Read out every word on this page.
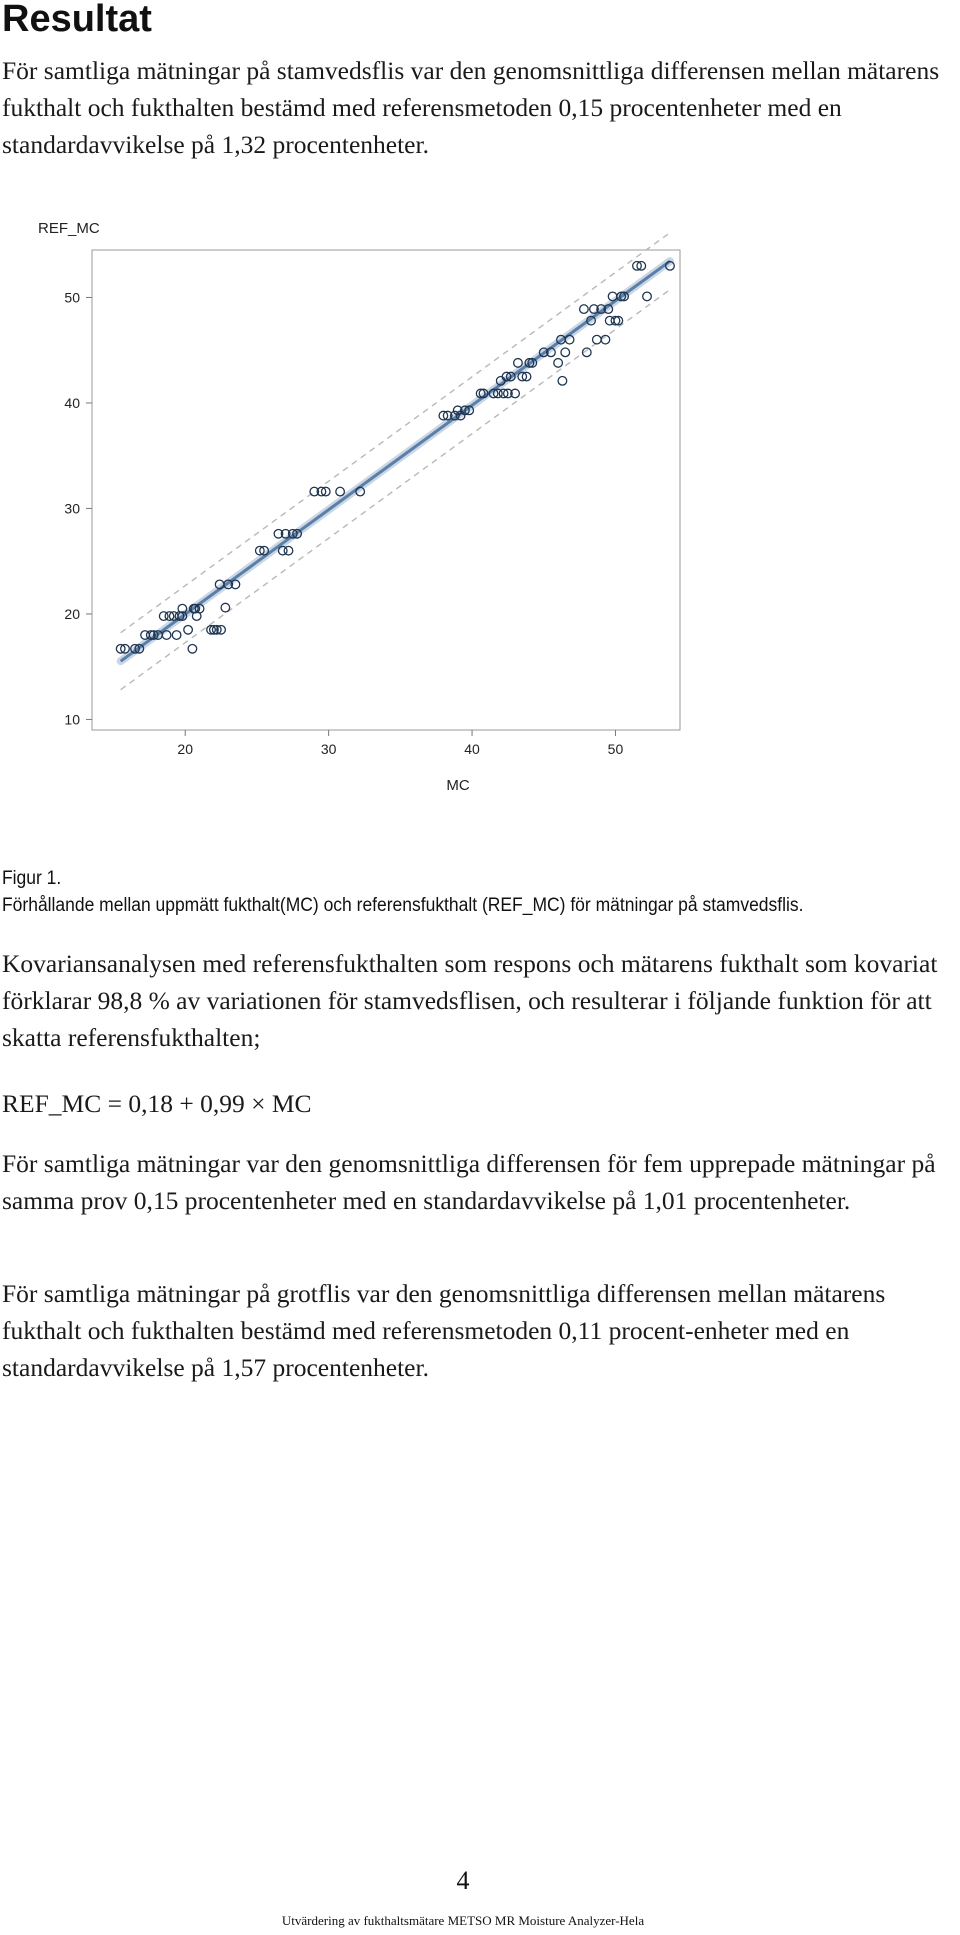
Resultat

För samtliga mätningar på stamvedsflis var den genomsnittliga differensen mellan mätarens fukthalt och fukthalten bestämd med referensmetoden 0,15 procentenheter med en standardavvikelse på 1,32 procentenheter.

REF_MC
MC
20	30	40	50
10
20
30
40
50

Figur 1.

Förhållande mellan uppmätt fukthalt(MC) och referensfukthalt (REF_MC) för mätningar på stamvedsflis.

Kovariansanalysen med referensfukthalten som respons och mätarens fukthalt som kovariat förklarar 98,8 % av variationen för stamvedsflisen, och resulterar i följande funktion för att skatta referensfukthalten;

REF_MC = 0,18 + 0,99 × MC

För samtliga mätningar var den genomsnittliga differensen för fem upprepade mätningar på samma prov 0,15 procentenheter med en standardavvikelse på 1,01 procentenheter.

För samtliga mätningar på grotflis var den genomsnittliga differensen mellan mätarens fukthalt och fukthalten bestämd med referensmetoden 0,11 procent-enheter med en standardavvikelse på 1,57 procentenheter.

4
Utvärdering av fukthaltsmätare METSO MR Moisture Analyzer-Hela
